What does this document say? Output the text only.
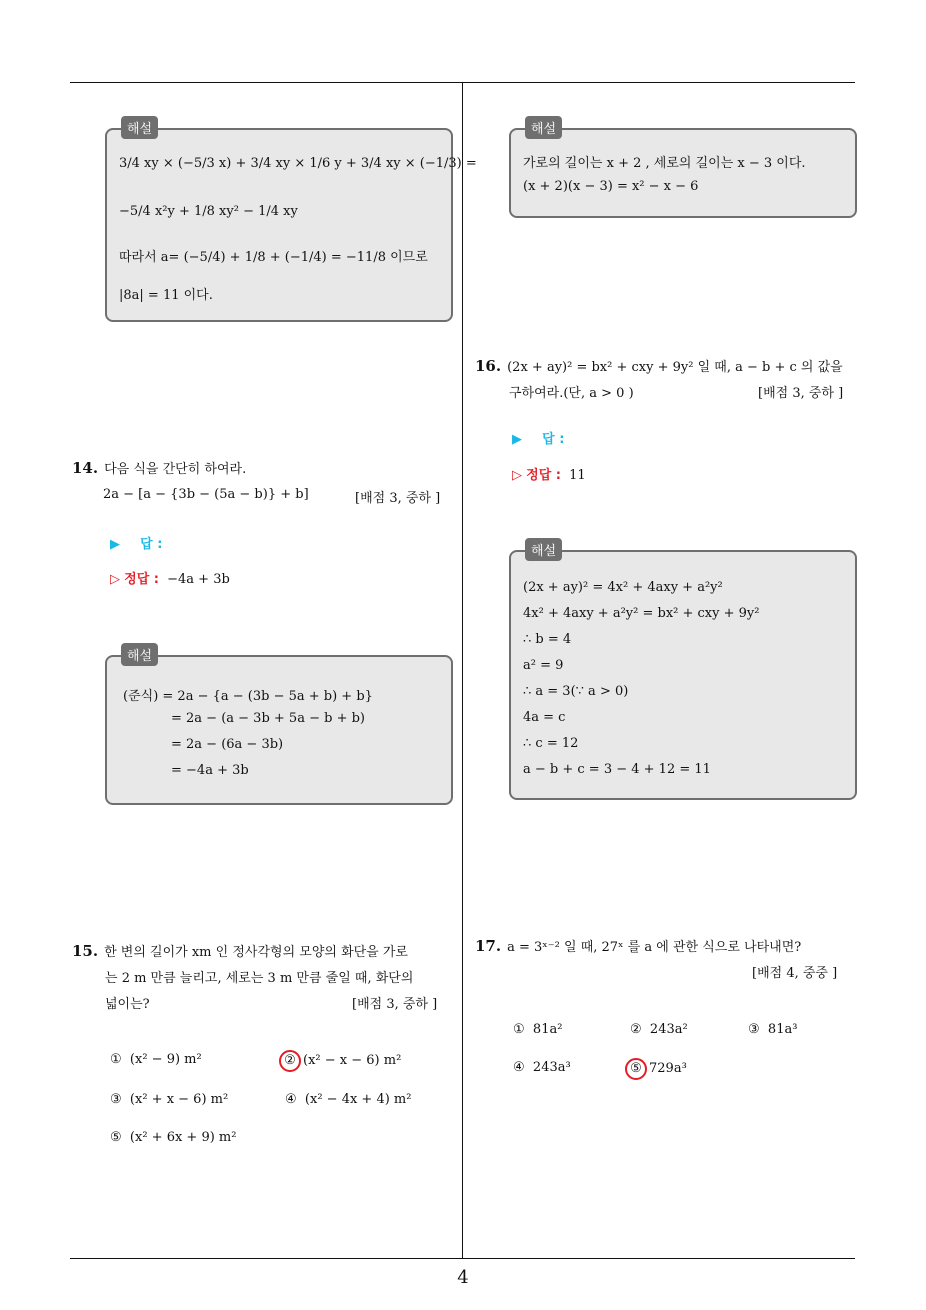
해설
3/4 xy × (−5/3 x) + 3/4 xy × 1/6 y + 3/4 xy × (−1/3) =
−5/4 x²y + 1/8 xy² − 1/4 xy
따라서 a= (−5/4) + 1/8 + (−1/4) = −11/8 이므로
|8a| = 11 이다.
14. 다음 식을 간단히 하여라.
2a − [a − {3b − (5a − b)} + b]	[배점 3, 중하 ]
▶ 답 :
▷ 정답 : −4a + 3b
해설
(준식) = 2a − {a − (3b − 5a + b) + b}
= 2a − (a − 3b + 5a − b + b)
= 2a − (6a − 3b)
= −4a + 3b
15. 한 변의 길이가 xm 인 정사각형의 모양의 화단을 가로
는 2 m 만큼 늘리고, 세로는 3 m 만큼 줄일 때, 화단의
넓이는?	[배점 3, 중하 ]
① (x² − 9) m²	② (x² − x − 6) m²
③ (x² + x − 6) m²	④ (x² − 4x + 4) m²
⑤ (x² + 6x + 9) m²
해설
가로의 길이는 x + 2 , 세로의 길이는 x − 3 이다.
(x + 2)(x − 3) = x² − x − 6
16. (2x + ay)² = bx² + cxy + 9y² 일 때, a − b + c 의 값을
구하여라.(단, a > 0 )	[배점 3, 중하 ]
▶ 답 :
▷ 정답 : 11
해설
(2x + ay)² = 4x² + 4axy + a²y²
4x² + 4axy + a²y² = bx² + cxy + 9y²
∴ b = 4
a² = 9
∴ a = 3(∵ a > 0)
4a = c
∴ c = 12
a − b + c = 3 − 4 + 12 = 11
17. a = 3ˣ⁻² 일 때, 27ˣ 를 a 에 관한 식으로 나타내면?
[배점 4, 중중 ]
① 81a²	② 243a²	③ 81a³
④ 243a³	⑤ 729a³
4
